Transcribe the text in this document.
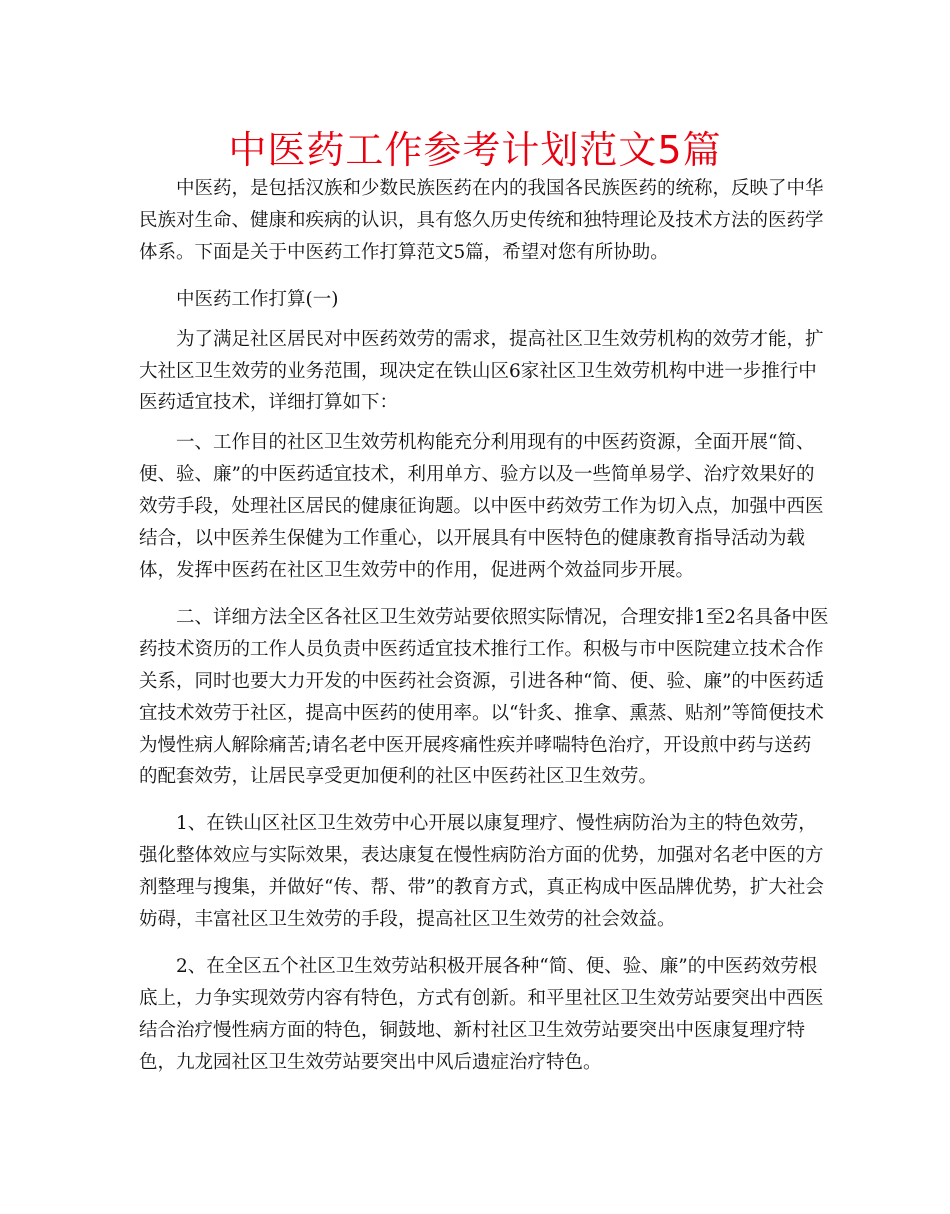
中医药工作参考计划范文5篇

中医药，是包括汉族和少数民族医药在内的我国各民族医药的统称，反映了中华民族对生命、健康和疾病的认识，具有悠久历史传统和独特理论及技术方法的医药学体系。下面是关于中医药工作打算范文5篇，希望对您有所协助。

中医药工作打算(一)

为了满足社区居民对中医药效劳的需求，提高社区卫生效劳机构的效劳才能，扩大社区卫生效劳的业务范围，现决定在铁山区6家社区卫生效劳机构中进一步推行中医药适宜技术，详细打算如下：

一、工作目的社区卫生效劳机构能充分利用现有的中医药资源，全面开展“简、便、验、廉”的中医药适宜技术，利用单方、验方以及一些简单易学、治疗效果好的效劳手段，处理社区居民的健康征询题。以中医中药效劳工作为切入点，加强中西医结合，以中医养生保健为工作重心，以开展具有中医特色的健康教育指导活动为载体，发挥中医药在社区卫生效劳中的作用，促进两个效益同步开展。

二、详细方法全区各社区卫生效劳站要依照实际情况，合理安排1至2名具备中医药技术资历的工作人员负责中医药适宜技术推行工作。积极与市中医院建立技术合作关系，同时也要大力开发的中医药社会资源，引进各种“简、便、验、廉”的中医药适宜技术效劳于社区，提高中医药的使用率。以“针炙、推拿、熏蒸、贴剂”等简便技术为慢性病人解除痛苦;请名老中医开展疼痛性疾并哮喘特色治疗，开设煎中药与送药的配套效劳，让居民享受更加便利的社区中医药社区卫生效劳。

1、在铁山区社区卫生效劳中心开展以康复理疗、慢性病防治为主的特色效劳，强化整体效应与实际效果，表达康复在慢性病防治方面的优势，加强对名老中医的方剂整理与搜集，并做好“传、帮、带”的教育方式，真正构成中医品牌优势，扩大社会妨碍，丰富社区卫生效劳的手段，提高社区卫生效劳的社会效益。

2、在全区五个社区卫生效劳站积极开展各种“简、便、验、廉”的中医药效劳根底上，力争实现效劳内容有特色，方式有创新。和平里社区卫生效劳站要突出中西医结合治疗慢性病方面的特色，铜鼓地、新村社区卫生效劳站要突出中医康复理疗特色，九龙园社区卫生效劳站要突出中风后遗症治疗特色。
